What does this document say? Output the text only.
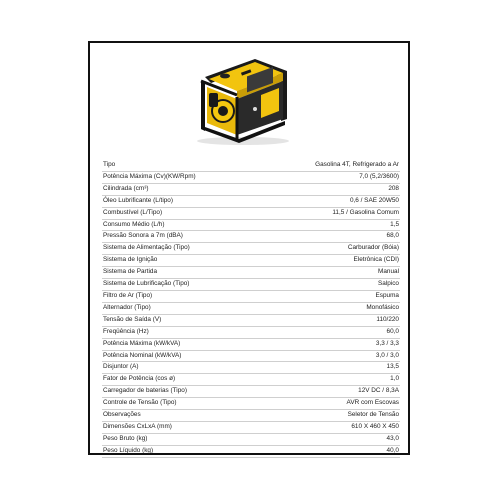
Tipo	Gasolina 4T, Refrigerado a Ar
Potência Máxima (Cv)(KW/Rpm)	7,0 (5,2/3600)
Cilindrada (cm³)	208
Óleo Lubrificante (L/tipo)	0,6 / SAE 20W50
Combustível (L/Tipo)	11,5 / Gasolina Comum
Consumo Médio (L/h)	1,5
Pressão Sonora a 7m (dBA)	68,0
Sistema de Alimentação (Tipo)	Carburador (Bóia)
Sistema de Ignição	Eletrônica (CDI)
Sistema de Partida	Manual
Sistema de Lubrificação (Tipo)	Salpico
Filtro de Ar (Tipo)	Espuma
Alternador (Tipo)	Monofásico
Tensão de Saída (V)	110/220
Freqüência (Hz)	60,0
Potência Máxima (kW/kVA)	3,3 / 3,3
Potência Nominal (kW/kVA)	3,0 / 3,0
Disjuntor (A)	13,5
Fator de Potência (cos ø)	1,0
Carregador de baterias (Tipo)	12V DC / 8,3A
Controle de Tensão (Tipo)	AVR com Escovas
Observações	Seletor de Tensão
Dimensões CxLxA (mm)	610 X 460 X 450
Peso Bruto (kg)	43,0
Peso Líquido (kg)	40,0
